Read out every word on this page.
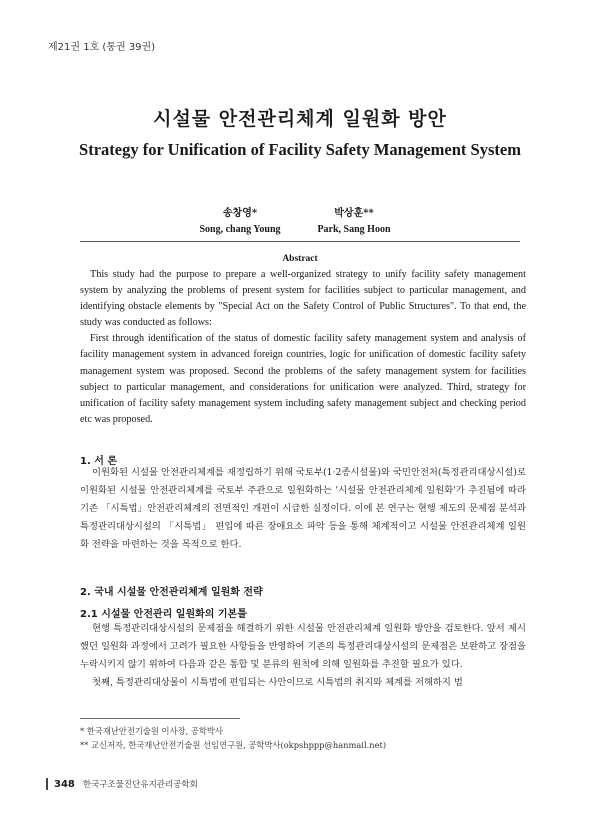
제21권 1호 (통권 39권)
시설물 안전관리체계 일원화 방안
Strategy for Unification of Facility Safety Management System
송창영*
Song, chang Young
박상훈**
Park, Sang Hoon
Abstract

This study had the purpose to prepare a well-organized strategy to unify facility safety management system by analyzing the problems of present system for facilities subject to particular management, and identifying obstacle elements by "Special Act on the Safety Control of Public Structures". To that end, the study was conducted as follows:

First through identification of the status of domestic facility safety management system and analysis of facility management system in advanced foreign countries, logic for unification of domestic facility safety management system was proposed. Second the problems of the safety management system for facilities subject to particular management, and considerations for unification were analyzed. Third, strategy for unification of facility safety management system including safety management subject and checking period etc was proposed.

1. 서 론

이원화된 시설물 안전관리체계를 재정립하기 위해 국토부(1·2종시설물)와 국민안전처(특정관리대상시설)로 이원화된 시설물 안전관리체계를 국토부 주관으로 일원화하는 '시설물 안전관리체계 일원화'가 추진됨에 따라 기존 「시특법」안전관리체계의 전면적인 개편이 시급한 실정이다. 이에 본 연구는 현행 제도의 문제점 분석과 특정관리대상시설의 「시특법」 편입에 따른 장애요소 파악 등을 통해 체계적이고 시설물 안전관리체계 일원화 전략을 마련하는 것을 목적으로 한다.

2. 국내 시설물 안전관리체계 일원화 전략
2.1 시설물 안전관리 일원화의 기본틀

현행 특정관리대상시설의 문제점을 해결하기 위한 시설물 안전관리체계 일원화 방안을 검토한다. 앞서 제시했던 일원화 과정에서 고려가 필요한 사항들을 반영하여 기존의 특정관리대상시설의 문제점은 보완하고 장점을 누락시키지 않기 위하여 다음과 같은 통합 및 분류의 원칙에 의해 일원화를 추진할 필요가 있다.

첫째, 특정관리대상물이 시특법에 편입되는 사안이므로 시특법의 취지와 체계를 저해하지 범

* 한국재난안전기술원 이사장, 공학박사
** 교신저자, 한국재난안전기술원 선임연구원, 공학박사(okpshppp@hanmail.net)
348 한국구조물진단유지관리공학회
